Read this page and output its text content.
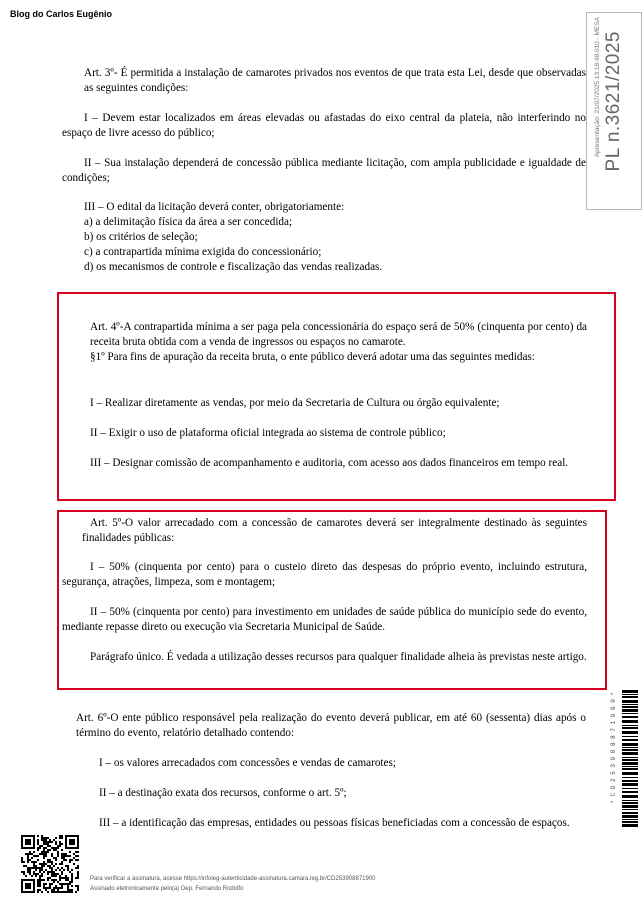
Blog do Carlos Eugênio
Apresentação: 21/07/2025 13:18:48.010 - MESA PL n.3621/2025

Art. 3º- É permitida a instalação de camarotes privados nos eventos de que trata esta Lei, desde que observadas as seguintes condições:

I – Devem estar localizados em áreas elevadas ou afastadas do eixo central da plateia, não interferindo no espaço de livre acesso do público;

II – Sua instalação dependerá de concessão pública mediante licitação, com ampla publicidade e igualdade de condições;

III – O edital da licitação deverá conter, obrigatoriamente:

a) a delimitação física da área a ser concedida;

b) os critérios de seleção;

c) a contrapartida mínima exigida do concessionário;

d) os mecanismos de controle e fiscalização das vendas realizadas.

Art. 4º-A contrapartida mínima a ser paga pela concessionária do espaço será de 50% (cinquenta por cento) da receita bruta obtida com a venda de ingressos ou espaços no camarote.

§1º Para fins de apuração da receita bruta, o ente público deverá adotar uma das seguintes medidas:

I – Realizar diretamente as vendas, por meio da Secretaria de Cultura ou órgão equivalente;

II – Exigir o uso de plataforma oficial integrada ao sistema de controle público;

III – Designar comissão de acompanhamento e auditoria, com acesso aos dados financeiros em tempo real.

Art. 5º-O valor arrecadado com a concessão de camarotes deverá ser integralmente destinado às seguintes finalidades públicas:

I – 50% (cinquenta por cento) para o custeio direto das despesas do próprio evento, incluindo estrutura, segurança, atrações, limpeza, som e montagem;

II – 50% (cinquenta por cento) para investimento em unidades de saúde pública do município sede do evento, mediante repasse direto ou execução via Secretaria Municipal de Saúde.

Parágrafo único. É vedada a utilização desses recursos para qualquer finalidade alheia às previstas neste artigo.

Art. 6º-O ente público responsável pela realização do evento deverá publicar, em até 60 (sessenta) dias após o término do evento, relatório detalhado contendo:

I – os valores arrecadados com concessões e vendas de camarotes;

II – a destinação exata dos recursos, conforme o art. 5º;

III – a identificação das empresas, entidades ou pessoas físicas beneficiadas com a concessão de espaços.

* C D 2 5 3 9 0 8 8 7 1 9 0 0 *
Para verificar a assinatura, acesse https://infoleg-autenticidade-assinatura.camara.leg.br/CD253908871900
Assinado eletronicamente pelo(a) Dep. Fernando Rodolfo
